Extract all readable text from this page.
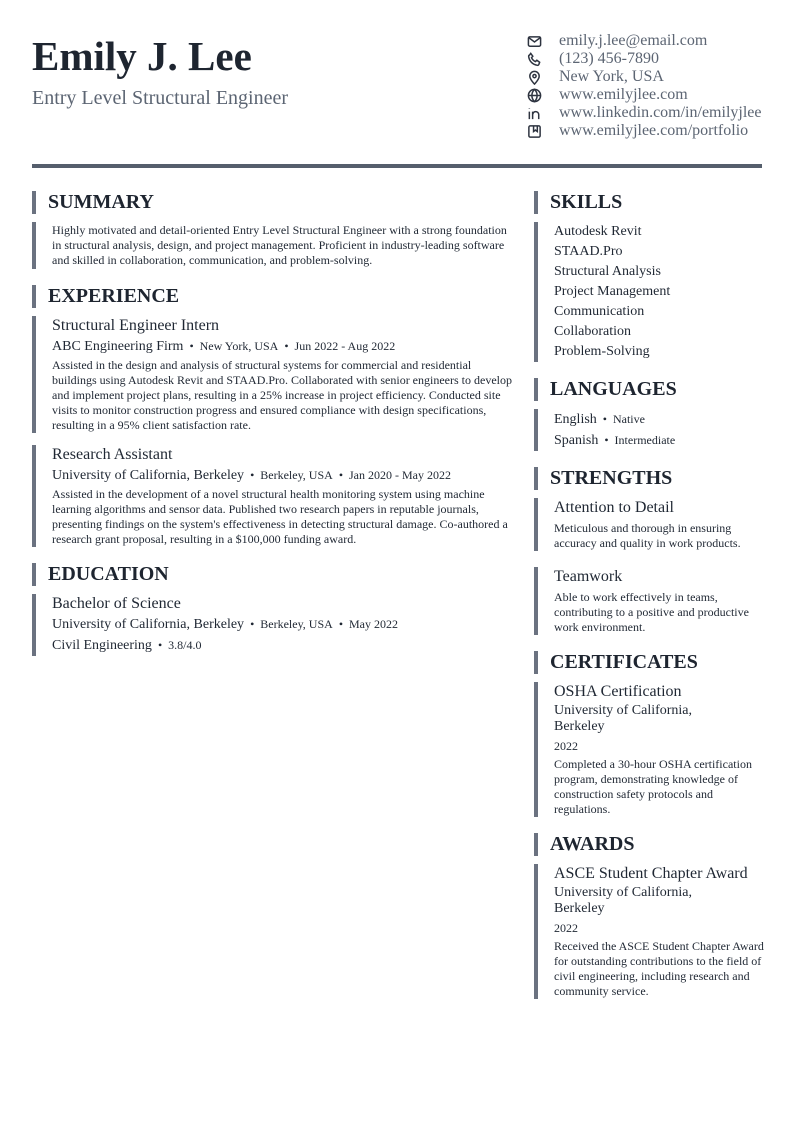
Emily J. Lee
Entry Level Structural Engineer
emily.j.lee@email.com
(123) 456-7890
New York, USA
www.emilyjlee.com
www.linkedin.com/in/emilyjlee
www.emilyjlee.com/portfolio
SUMMARY
Highly motivated and detail-oriented Entry Level Structural Engineer with a strong foundation in structural analysis, design, and project management. Proficient in industry-leading software and skilled in collaboration, communication, and problem-solving.
EXPERIENCE
Structural Engineer Intern
ABC Engineering Firm • New York, USA • Jun 2022 - Aug 2022
Assisted in the design and analysis of structural systems for commercial and residential buildings using Autodesk Revit and STAAD.Pro. Collaborated with senior engineers to develop and implement project plans, resulting in a 25% increase in project efficiency. Conducted site visits to monitor construction progress and ensured compliance with design specifications, resulting in a 95% client satisfaction rate.
Research Assistant
University of California, Berkeley • Berkeley, USA • Jan 2020 - May 2022
Assisted in the development of a novel structural health monitoring system using machine learning algorithms and sensor data. Published two research papers in reputable journals, presenting findings on the system's effectiveness in detecting structural damage. Co-authored a research grant proposal, resulting in a $100,000 funding award.
EDUCATION
Bachelor of Science
University of California, Berkeley • Berkeley, USA • May 2022
Civil Engineering • 3.8/4.0
SKILLS
Autodesk Revit
STAAD.Pro
Structural Analysis
Project Management
Communication
Collaboration
Problem-Solving
LANGUAGES
English • Native
Spanish • Intermediate
STRENGTHS
Attention to Detail
Meticulous and thorough in ensuring accuracy and quality in work products.
Teamwork
Able to work effectively in teams, contributing to a positive and productive work environment.
CERTIFICATES
OSHA Certification
University of California, Berkeley
2022
Completed a 30-hour OSHA certification program, demonstrating knowledge of construction safety protocols and regulations.
AWARDS
ASCE Student Chapter Award
University of California, Berkeley
2022
Received the ASCE Student Chapter Award for outstanding contributions to the field of civil engineering, including research and community service.
